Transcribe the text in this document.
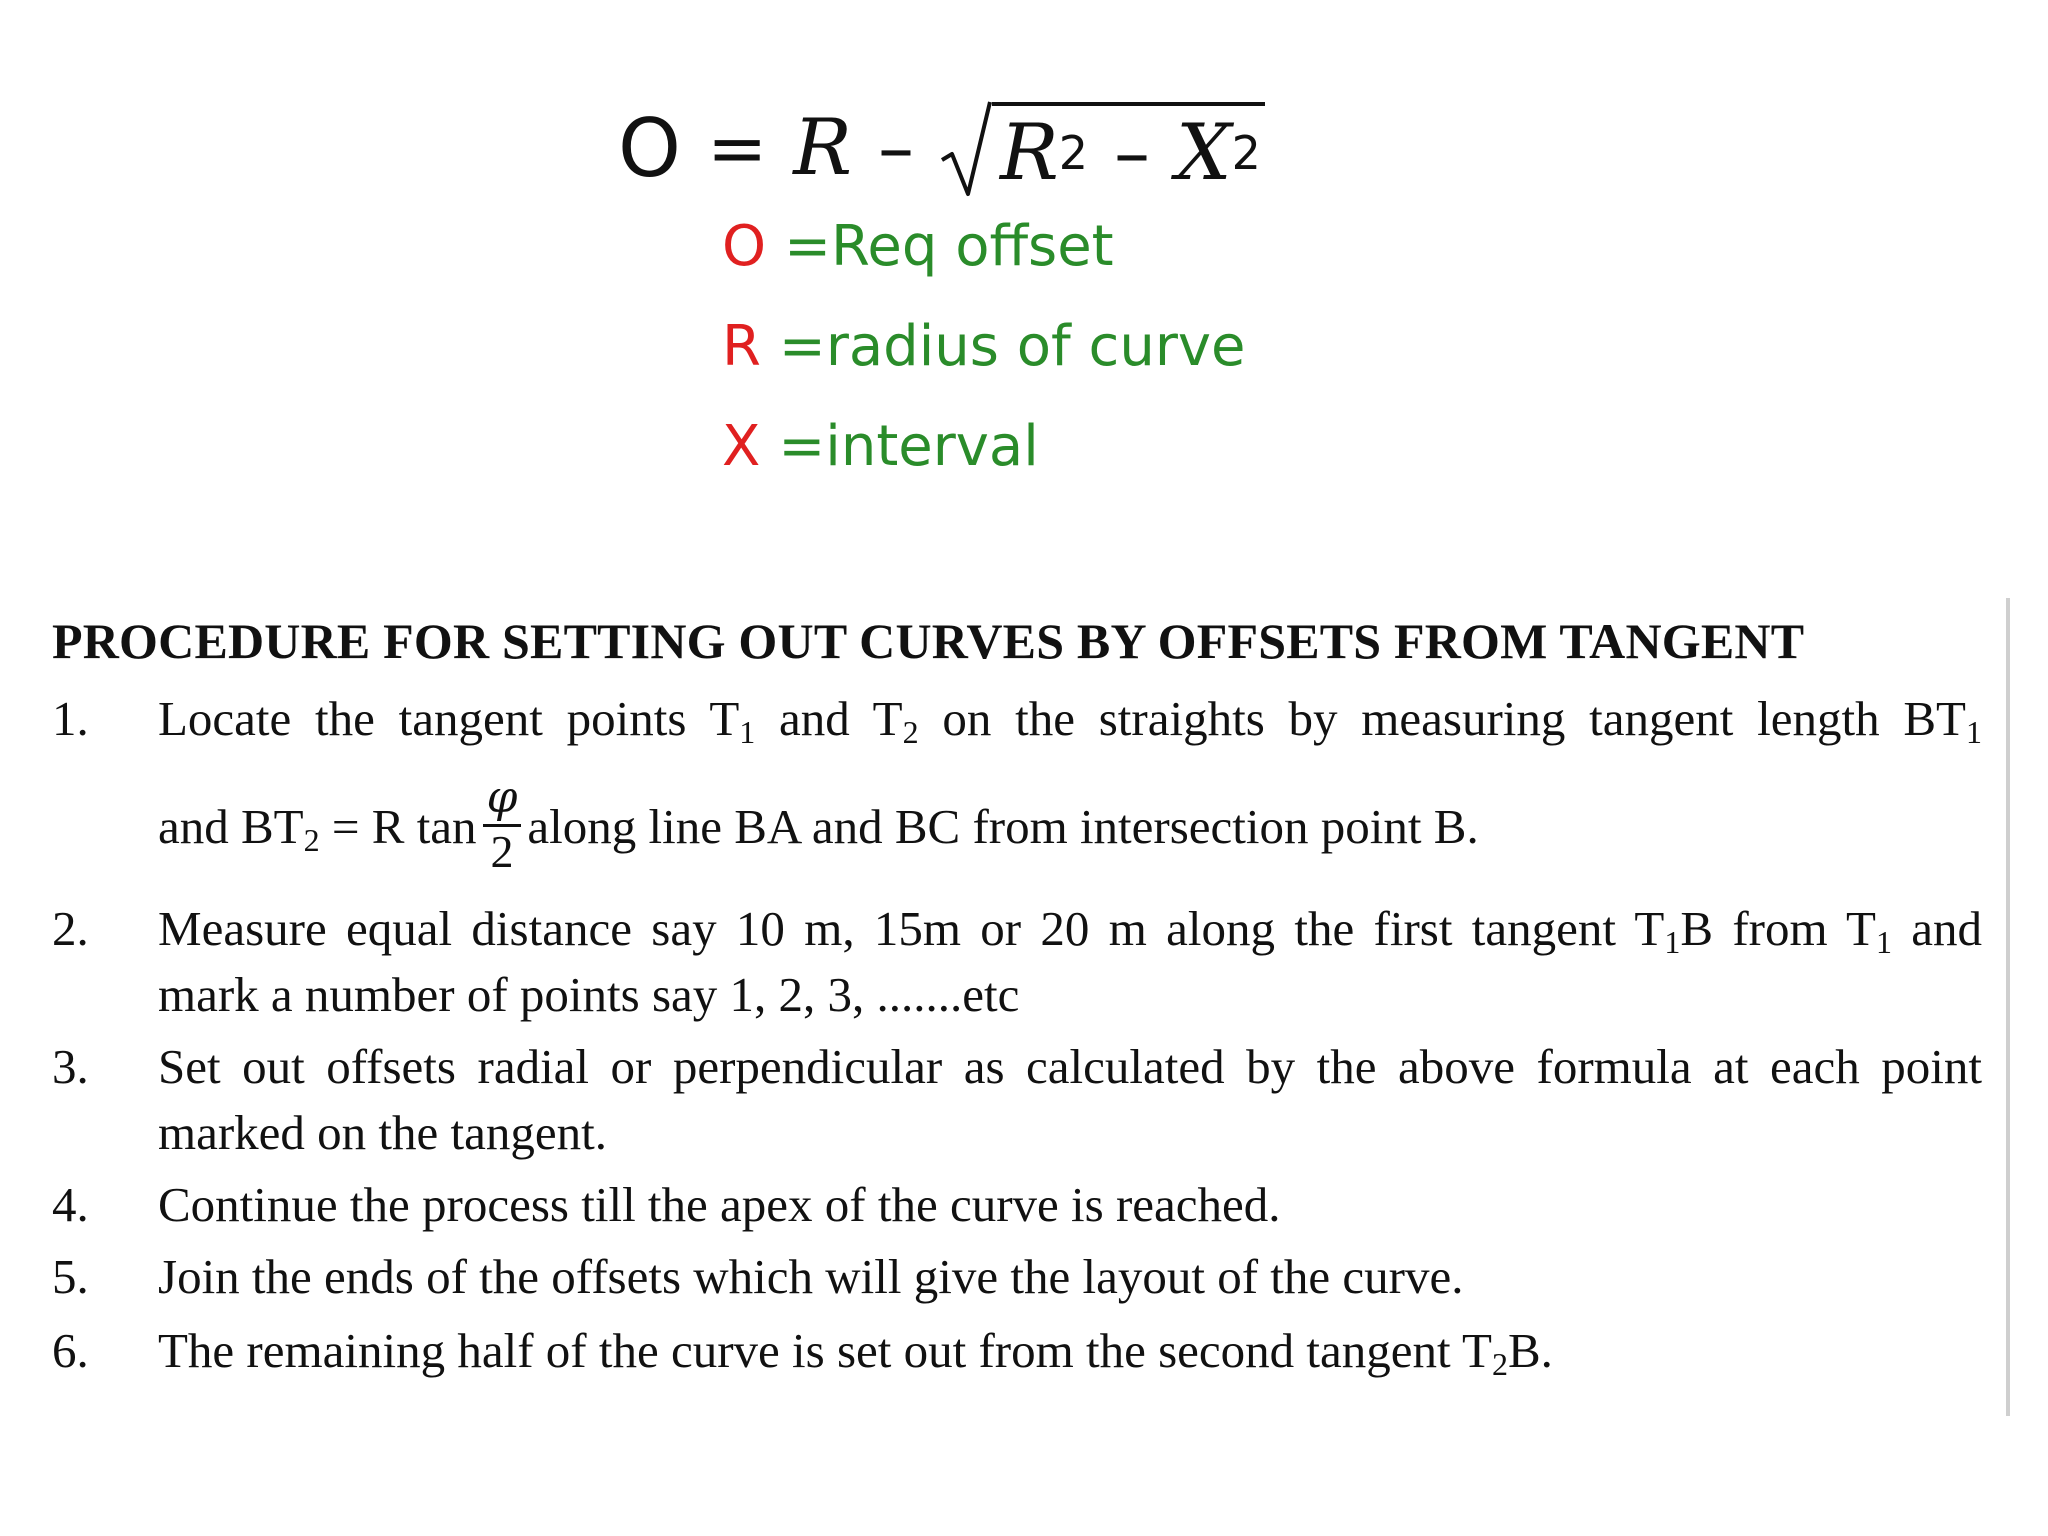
O = R – R 2 – X 2
O =Req offset
R =radius of curve
X =interval
PROCEDURE FOR SETTING OUT CURVES BY OFFSETS FROM TANGENT
1. Locate the tangent points $T_1$ and $T_2$ on the straights by measuring tangent length $BT_1$
and $BT_2 = R$ $\tan \frac{\varphi}{2}$ along line BA and BC from intersection point B.
2. Measure equal distance say 10 m, 15m or 20 m along the first tangent $T_1B$ from $T_1$ and
mark a number of points say 1, 2, 3, .......etc
3. Set out offsets radial or perpendicular as calculated by the above formula at each point
marked on the tangent.
4. Continue the process till the apex of the curve is reached.
5. Join the ends of the offsets which will give the layout of the curve.
6. The remaining half of the curve is set out from the second tangent $T_2B$.
